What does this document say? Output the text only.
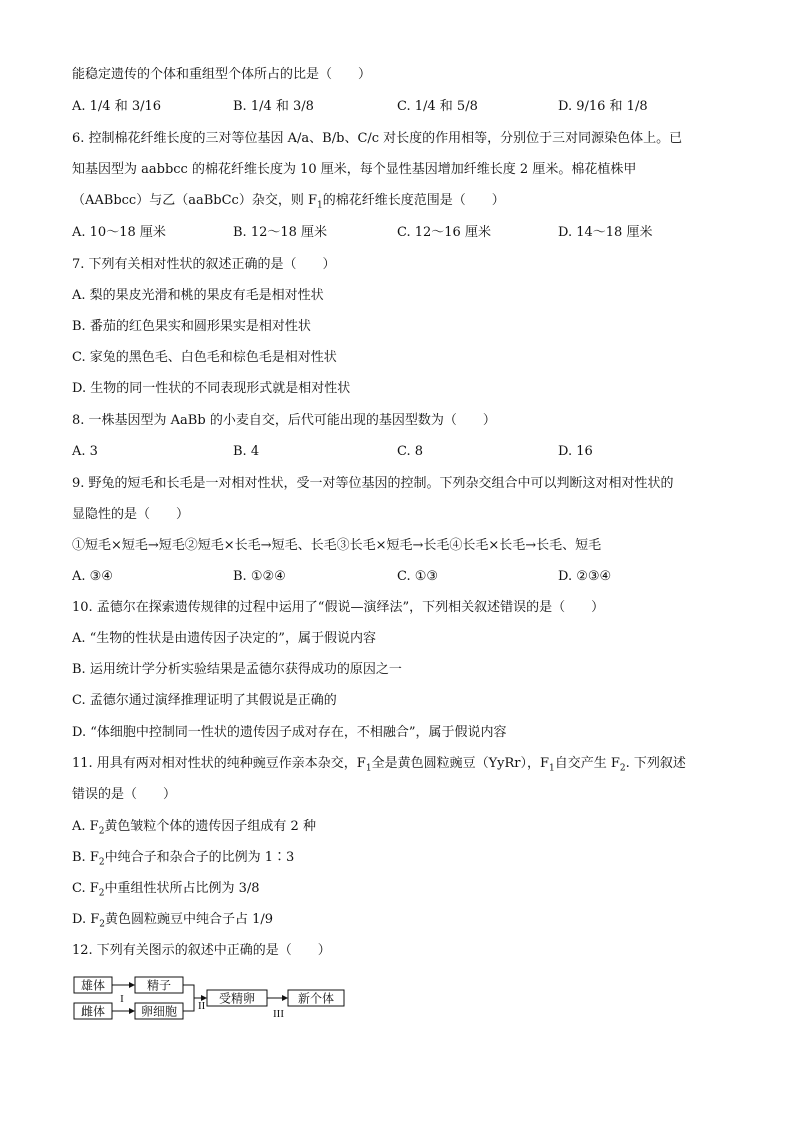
能稳定遗传的个体和重组型个体所占的比是（　　）
A. 1/4 和 3/16	B. 1/4 和 3/8	C. 1/4 和 5/8	D. 9/16 和 1/8
6. 控制棉花纤维长度的三对等位基因 A/a、B/b、C/c 对长度的作用相等，分别位于三对同源染色体上。已
知基因型为 aabbcc 的棉花纤维长度为 10 厘米，每个显性基因增加纤维长度 2 厘米。棉花植株甲
（AABbcc）与乙（aaBbCc）杂交，则 $F_1$的棉花纤维长度范围是（　　）
A. 10～18 厘米	B. 12～18 厘米	C. 12～16 厘米	D. 14～18 厘米
7. 下列有关相对性状的叙述正确的是（　　）
A. 梨的果皮光滑和桃的果皮有毛是相对性状
B. 番茄的红色果实和圆形果实是相对性状
C. 家兔的黑色毛、白色毛和棕色毛是相对性状
D. 生物的同一性状的不同表现形式就是相对性状
8. 一株基因型为 AaBb 的小麦自交，后代可能出现的基因型数为（　　）
A. 3	B. 4	C. 8	D. 16
9. 野兔的短毛和长毛是一对相对性状，受一对等位基因的控制。下列杂交组合中可以判断这对相对性状的
显隐性的是（　　）
①短毛×短毛→短毛②短毛×长毛→短毛、长毛③长毛×短毛→长毛④长毛×长毛→长毛、短毛
A. ③④	B. ①②④	C. ①③	D. ②③④
10. 孟德尔在探索遗传规律的过程中运用了“假说—演绎法”，下列相关叙述错误的是（　　）
A. “生物的性状是由遗传因子决定的”，属于假说内容
B. 运用统计学分析实验结果是孟德尔获得成功的原因之一
C. 孟德尔通过演绎推理证明了其假说是正确的
D. “体细胞中控制同一性状的遗传因子成对存在，不相融合”，属于假说内容
11. 用具有两对相对性状的纯种豌豆作亲本杂交，$F_1$全是黄色圆粒豌豆（YyRr），$F_1$自交产生 $F_2$. 下列叙述
错误的是（　　）
A. $F_2$黄色皱粒个体的遗传因子组成有 2 种
B. $F_2$中纯合子和杂合子的比例为 1∶3
C. $F_2$中重组性状所占比例为 3/8
D. $F_2$黄色圆粒豌豆中纯合子占 1/9
12. 下列有关图示的叙述中正确的是（　　）
雄体
雌体
精子
卵细胞
受精卵	新个体
I
II
III
